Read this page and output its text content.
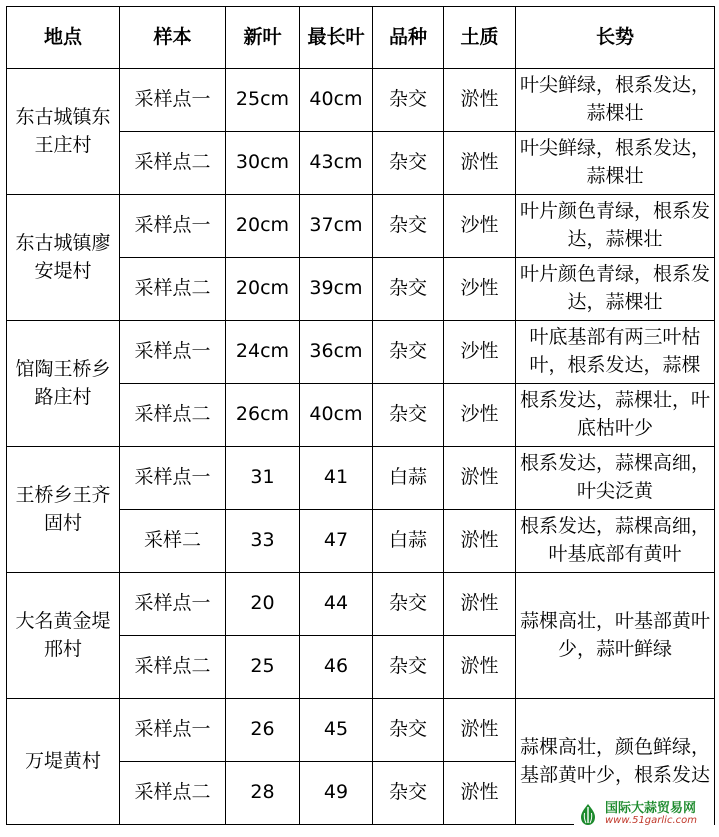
地点	样本	新叶	最长叶	品种	土质	长势
东古城镇东王庄村	采样点一	25cm	40cm	杂交	淤性	叶尖鲜绿，根系发达，蒜棵壮
	采样点二	30cm	43cm	杂交	淤性	叶尖鲜绿，根系发达，蒜棵壮
东古城镇廖安堤村	采样点一	20cm	37cm	杂交	沙性	叶片颜色青绿，根系发达，蒜棵壮
	采样点二	20cm	39cm	杂交	沙性	叶片颜色青绿，根系发达，蒜棵壮
馆陶王桥乡路庄村	采样点一	24cm	36cm	杂交	沙性	叶底基部有两三叶枯叶，根系发达，蒜棵
	采样点二	26cm	40cm	杂交	沙性	根系发达，蒜棵壮，叶底枯叶少
王桥乡王齐固村	采样点一	31	41	白蒜	淤性	根系发达，蒜棵高细，叶尖泛黄
	采样二	33	47	白蒜	淤性	根系发达，蒜棵高细，叶基底部有黄叶
大名黄金堤邢村	采样点一	20	44	杂交	淤性	蒜棵高壮，叶基部黄叶少，蒜叶鲜绿
	采样点二	25	46	杂交	淤性	
万堤黄村	采样点一	26	45	杂交	淤性	蒜棵高壮，颜色鲜绿，基部黄叶少，根系发达
	采样点二	28	49	杂交	淤性	
国际大蒜贸易网
www.51garlic.com
